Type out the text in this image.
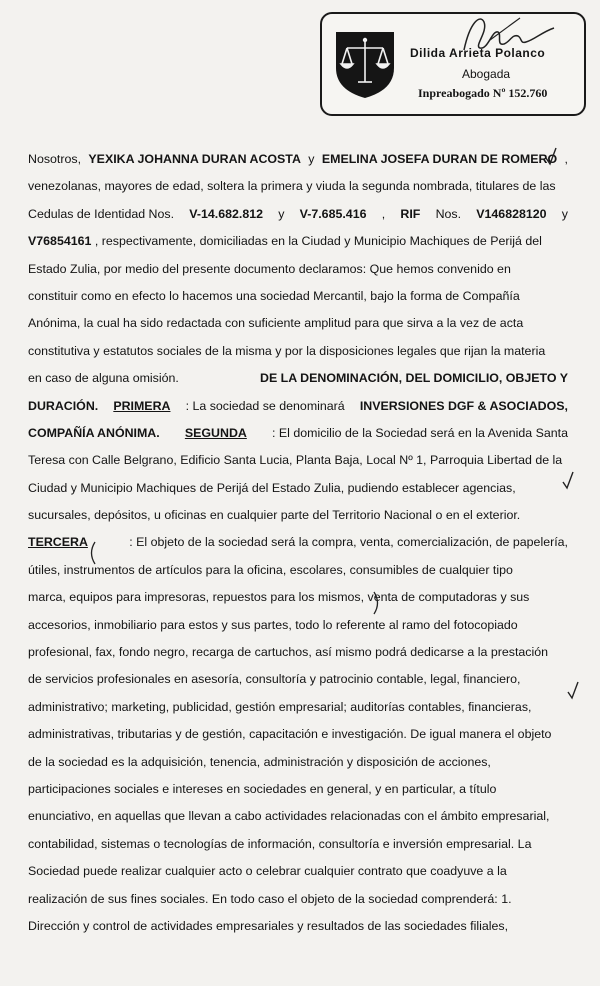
Dilida Arrieta Polanco
Abogada
Inpreabogado Nº 152.760
Nosotros, YEXIKA JOHANNA DURAN ACOSTA y EMELINA JOSEFA DURAN DE ROMERO ,
venezolanas, mayores de edad, soltera la primera y viuda la segunda nombrada, titulares de las
Cedulas de Identidad Nos. V-14.682.812 y V-7.685.416 , RIF Nos. V146828120 y
V76854161 , respectivamente, domiciliadas en la Ciudad y Municipio Machiques de Perijá del
Estado Zulia, por medio del presente documento declaramos: Que hemos convenido en
constituir como en efecto lo hacemos una sociedad Mercantil, bajo la forma de Compañía
Anónima, la cual ha sido redactada con suficiente amplitud para que sirva a la vez de acta
constitutiva y estatutos sociales de la misma y por la disposiciones legales que rijan la materia
en caso de alguna omisión.	DE LA DENOMINACIÓN, DEL DOMICILIO, OBJETO Y
DURACIÓN. PRIMERA : La sociedad se denominará INVERSIONES DGF & ASOCIADOS,
COMPAÑÍA ANÓNIMA. SEGUNDA : El domicilio de la Sociedad será en la Avenida Santa
Teresa con Calle Belgrano, Edificio Santa Lucia, Planta Baja, Local Nº 1, Parroquia Libertad de la
Ciudad y Municipio Machiques de Perijá del Estado Zulia, pudiendo establecer agencias,
sucursales, depósitos, u oficinas en cualquier parte del Territorio Nacional o en el exterior.
TERCERA	: El objeto de la sociedad será la compra, venta, comercialización, de papelería,
útiles, instrumentos de artículos para la oficina, escolares, consumibles de cualquier tipo
marca, equipos para impresoras, repuestos para los mismos, venta de computadoras y sus
accesorios, inmobiliario para estos y sus partes, todo lo referente al ramo del fotocopiado
profesional, fax, fondo negro, recarga de cartuchos, así mismo podrá dedicarse a la prestación
de servicios profesionales en asesoría, consultoría y patrocinio contable, legal, financiero,
administrativo; marketing, publicidad, gestión empresarial; auditorías contables, financieras,
administrativas, tributarias y de gestión, capacitación e investigación. De igual manera el objeto
de la sociedad es la adquisición, tenencia, administración y disposición de acciones,
participaciones sociales e intereses en sociedades en general, y en particular, a título
enunciativo, en aquellas que llevan a cabo actividades relacionadas con el ámbito empresarial,
contabilidad, sistemas o tecnologías de información, consultoría e inversión empresarial. La
Sociedad puede realizar cualquier acto o celebrar cualquier contrato que coadyuve a la
realización de sus fines sociales. En todo caso el objeto de la sociedad comprenderá: 1.
Dirección y control de actividades empresariales y resultados de las sociedades filiales,
